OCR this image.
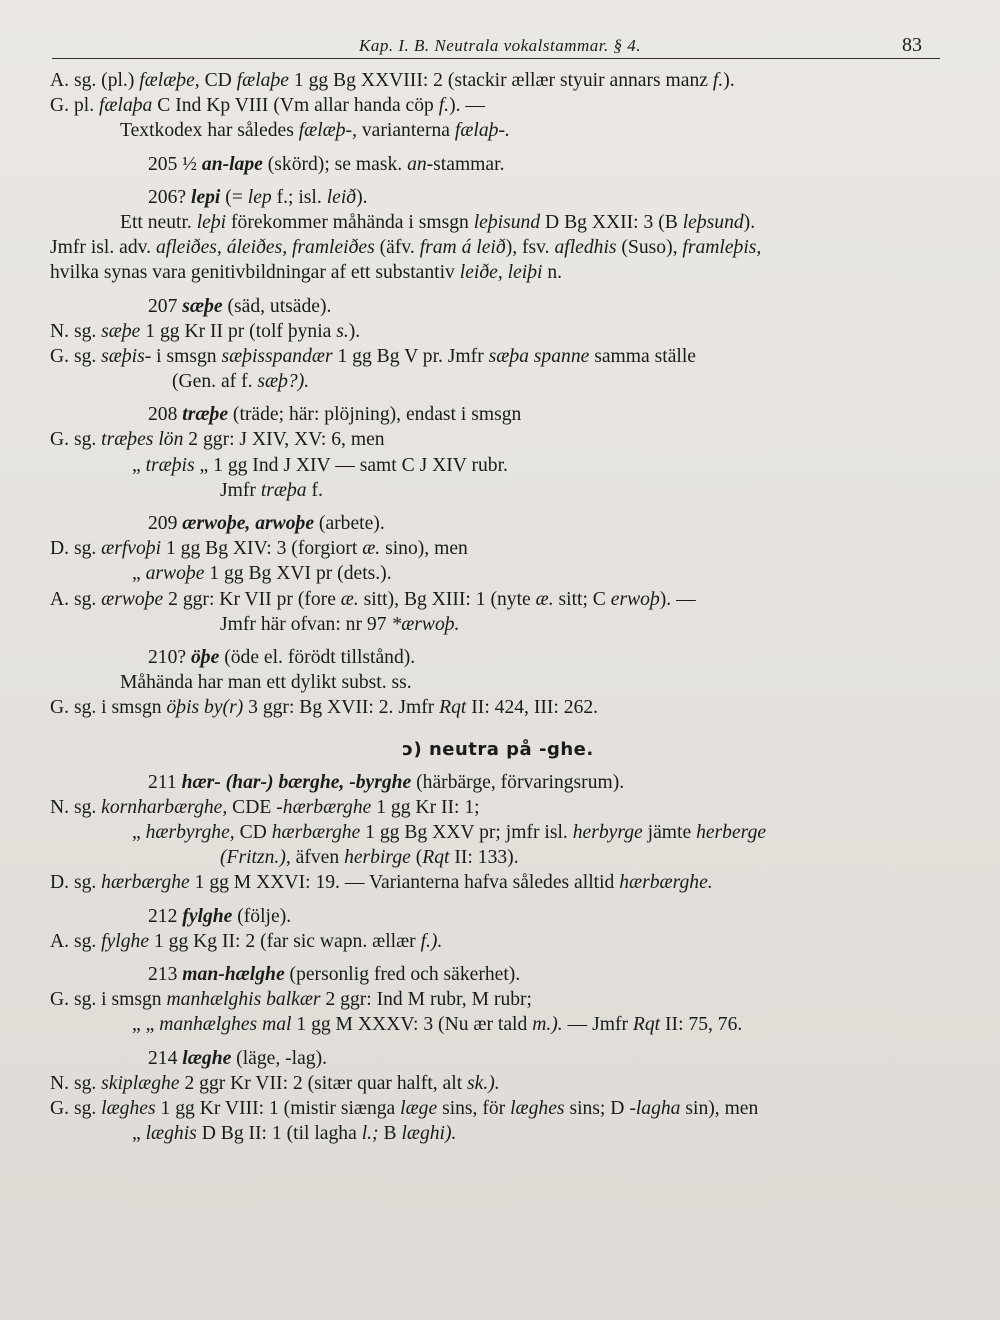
Kap. I. B. Neutrala vokalstammar. § 4.	83
A. sg. (pl.) fælæþe, CD fælaþe 1 gg Bg XXVIII: 2 (stackir ællær styuir annars manz f.).
G. pl. fælaþa C Ind Kp VIII (Vm allar handa cöp f.). —
Textkodex har således fælæþ-, varianterna fælaþ-.
205 ½ an-lape (skörd); se mask. an-stammar.
206? lepi (= lep f.; isl. leið).
Ett neutr. leþi förekommer måhända i smsgn leþisund D Bg XXII: 3 (B leþsund).
Jmfr isl. adv. afleiðes, áleiðes, framleiðes (äfv. fram á leið), fsv. afledhis (Suso), framleþis,
hvilka synas vara genitivbildningar af ett substantiv leiðe, leiþi n.
207 sæþe (säd, utsäde).
N. sg. sæþe 1 gg Kr II pr (tolf þynia s.).
G. sg. sæþis- i smsgn sæþisspandær 1 gg Bg V pr. Jmfr sæþa spanne samma ställe
(Gen. af f. sæþ?).
208 træþe (träde; här: plöjning), endast i smsgn
G. sg. træþes lön 2 ggr: J XIV, XV: 6, men
„ træþis „ 1 gg Ind J XIV — samt C J XIV rubr.
Jmfr træþa f.
209 ærwoþe, arwoþe (arbete).
D. sg. ærfvoþi 1 gg Bg XIV: 3 (forgiort æ. sino), men
„ arwoþe 1 gg Bg XVI pr (dets.).
A. sg. ærwoþe 2 ggr: Kr VII pr (fore æ. sitt), Bg XIII: 1 (nyte æ. sitt; C erwoþ). —
Jmfr här ofvan: nr 97 *ærwoþ.
210? öþe (öde el. förödt tillstånd).
Måhända har man ett dylikt subst. ss.
G. sg. i smsgn öþis by(r) 3 ggr: Bg XVII: 2. Jmfr Rqt II: 424, III: 262.
ɔ) neutra på -ghe.
211 hær- (har-) bærghe, -byrghe (härbärge, förvaringsrum).
N. sg. kornharbærghe, CDE -hærbærghe 1 gg Kr II: 1;
„ hærbyrghe, CD hærbærghe 1 gg Bg XXV pr; jmfr isl. herbyrge jämte herberge
(Fritzn.), äfven herbirge (Rqt II: 133).
D. sg. hærbærghe 1 gg M XXVI: 19. — Varianterna hafva således alltid hærbærghe.
212 fylghe (följe).
A. sg. fylghe 1 gg Kg II: 2 (far sic wapn. ællær f.).
213 man-hælghe (personlig fred och säkerhet).
G. sg. i smsgn manhælghis balkær 2 ggr: Ind M rubr, M rubr;
„ „ manhælghes mal 1 gg M XXXV: 3 (Nu ær tald m.). — Jmfr Rqt II: 75, 76.
214 læghe (läge, -lag).
N. sg. skiplæghe 2 ggr Kr VII: 2 (sitær quar halft, alt sk.).
G. sg. læghes 1 gg Kr VIII: 1 (mistir siænga læge sins, för læghes sins; D -lagha sin), men
„ læghis D Bg II: 1 (til lagha l.; B læghi).
